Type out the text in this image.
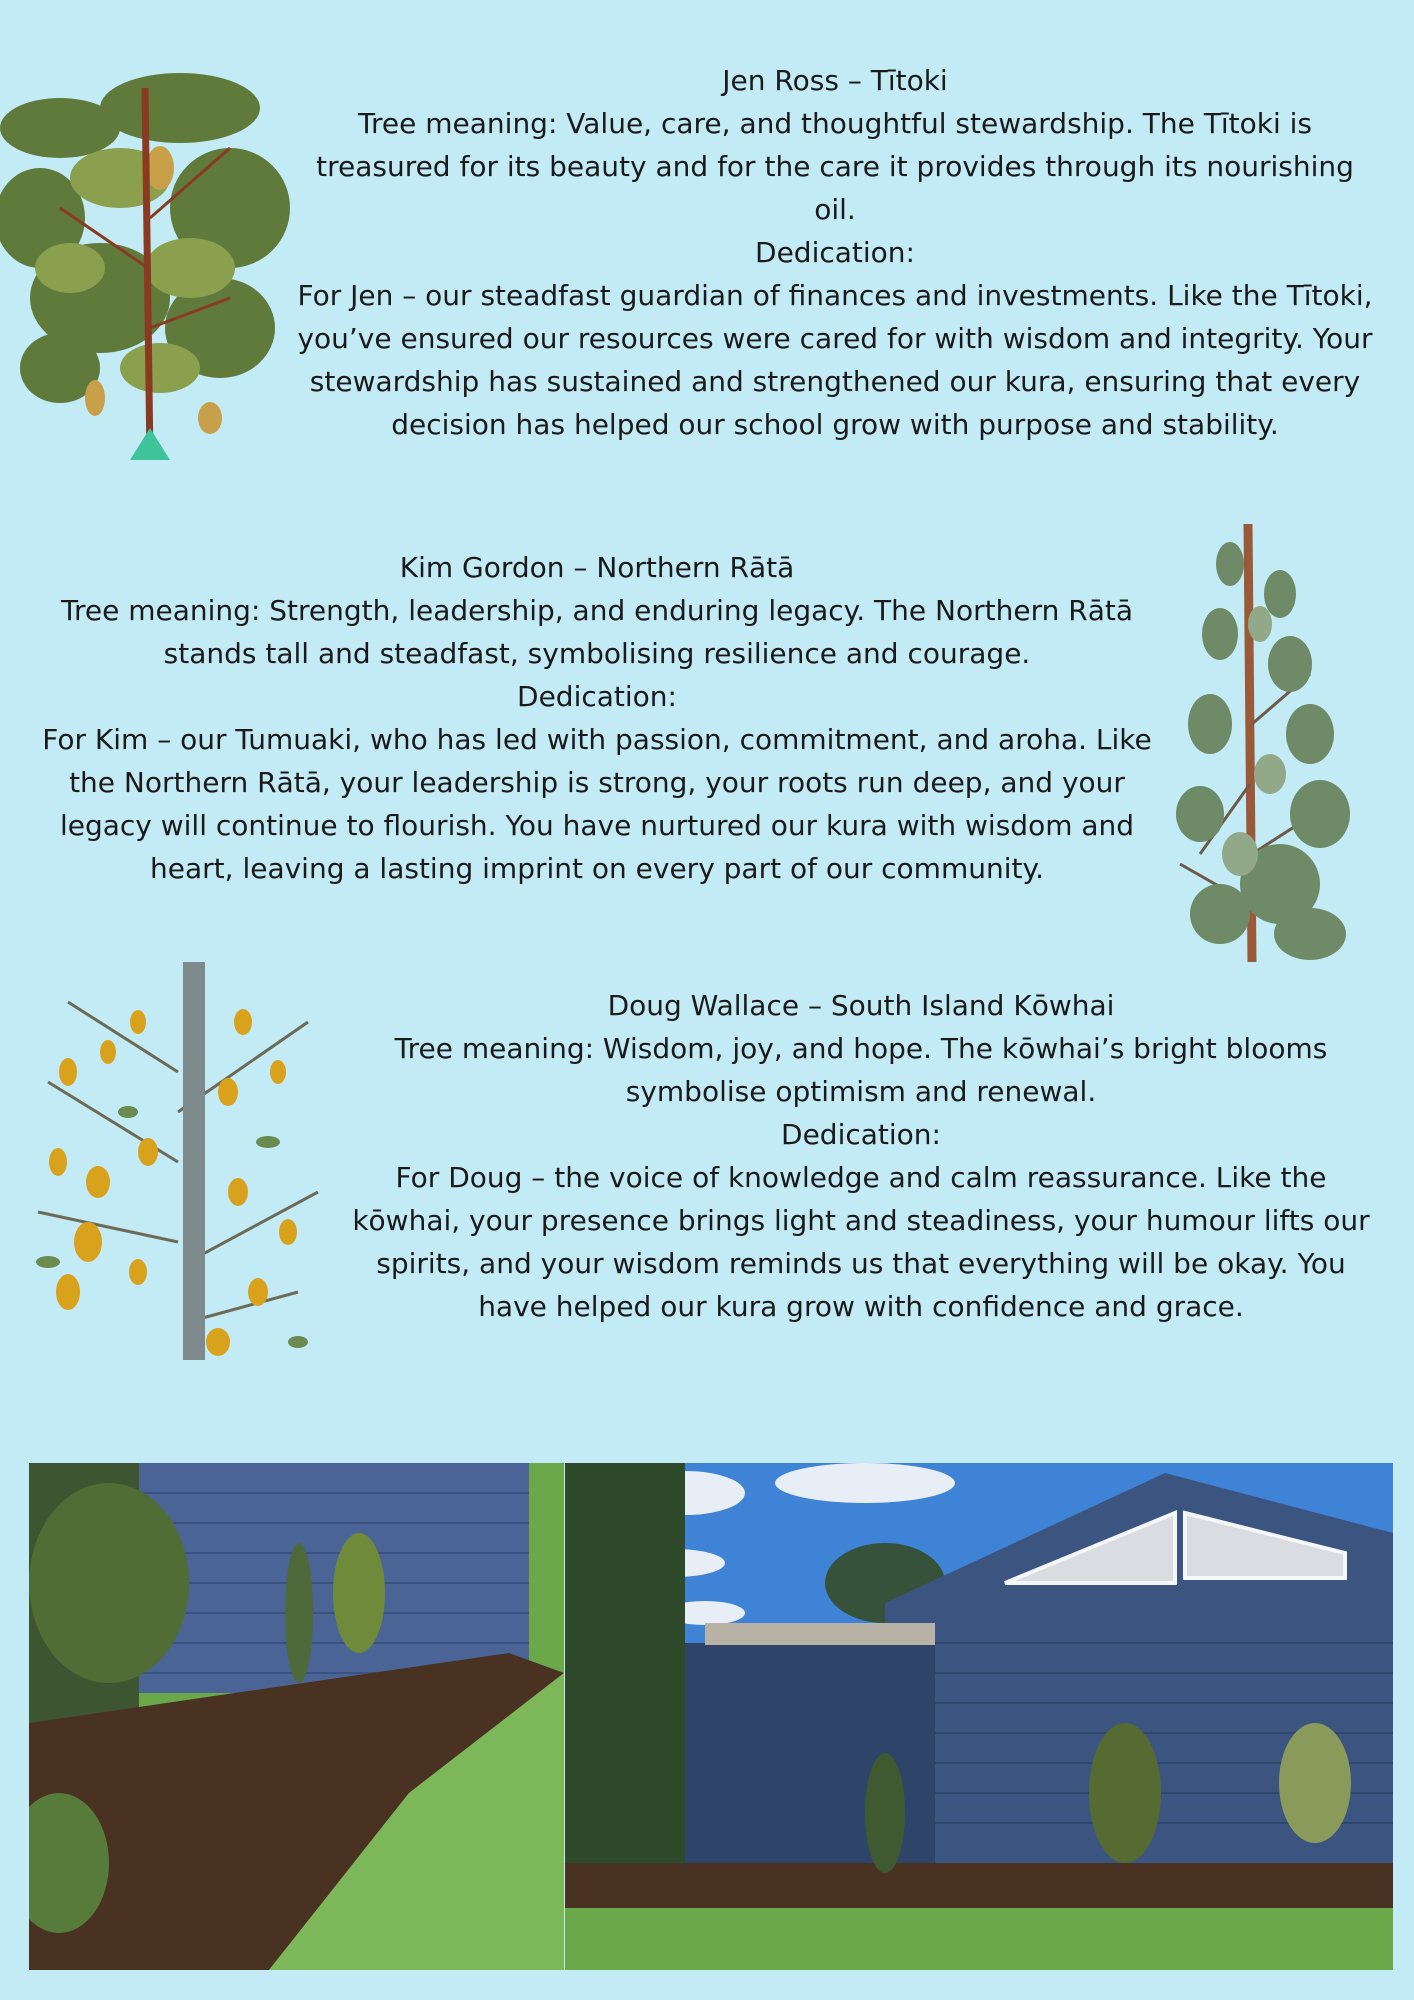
Jen Ross – Tītoki

Tree meaning: Value, care, and thoughtful stewardship. The Tītoki is treasured for its beauty and for the care it provides through its nourishing oil.

Dedication:

For Jen – our steadfast guardian of finances and investments. Like the Tītoki, you’ve ensured our resources were cared for with wisdom and integrity. Your stewardship has sustained and strengthened our kura, ensuring that every decision has helped our school grow with purpose and stability.

Kim Gordon – Northern Rātā

Tree meaning: Strength, leadership, and enduring legacy. The Northern Rātā stands tall and steadfast, symbolising resilience and courage.

Dedication:

For Kim – our Tumuaki, who has led with passion, commitment, and aroha. Like the Northern Rātā, your leadership is strong, your roots run deep, and your legacy will continue to flourish. You have nurtured our kura with wisdom and heart, leaving a lasting imprint on every part of our community.

Doug Wallace – South Island Kōwhai

Tree meaning: Wisdom, joy, and hope. The kōwhai’s bright blooms symbolise optimism and renewal.

Dedication:

For Doug – the voice of knowledge and calm reassurance. Like the kōwhai, your presence brings light and steadiness, your humour lifts our spirits, and your wisdom reminds us that everything will be okay. You have helped our kura grow with confidence and grace.
